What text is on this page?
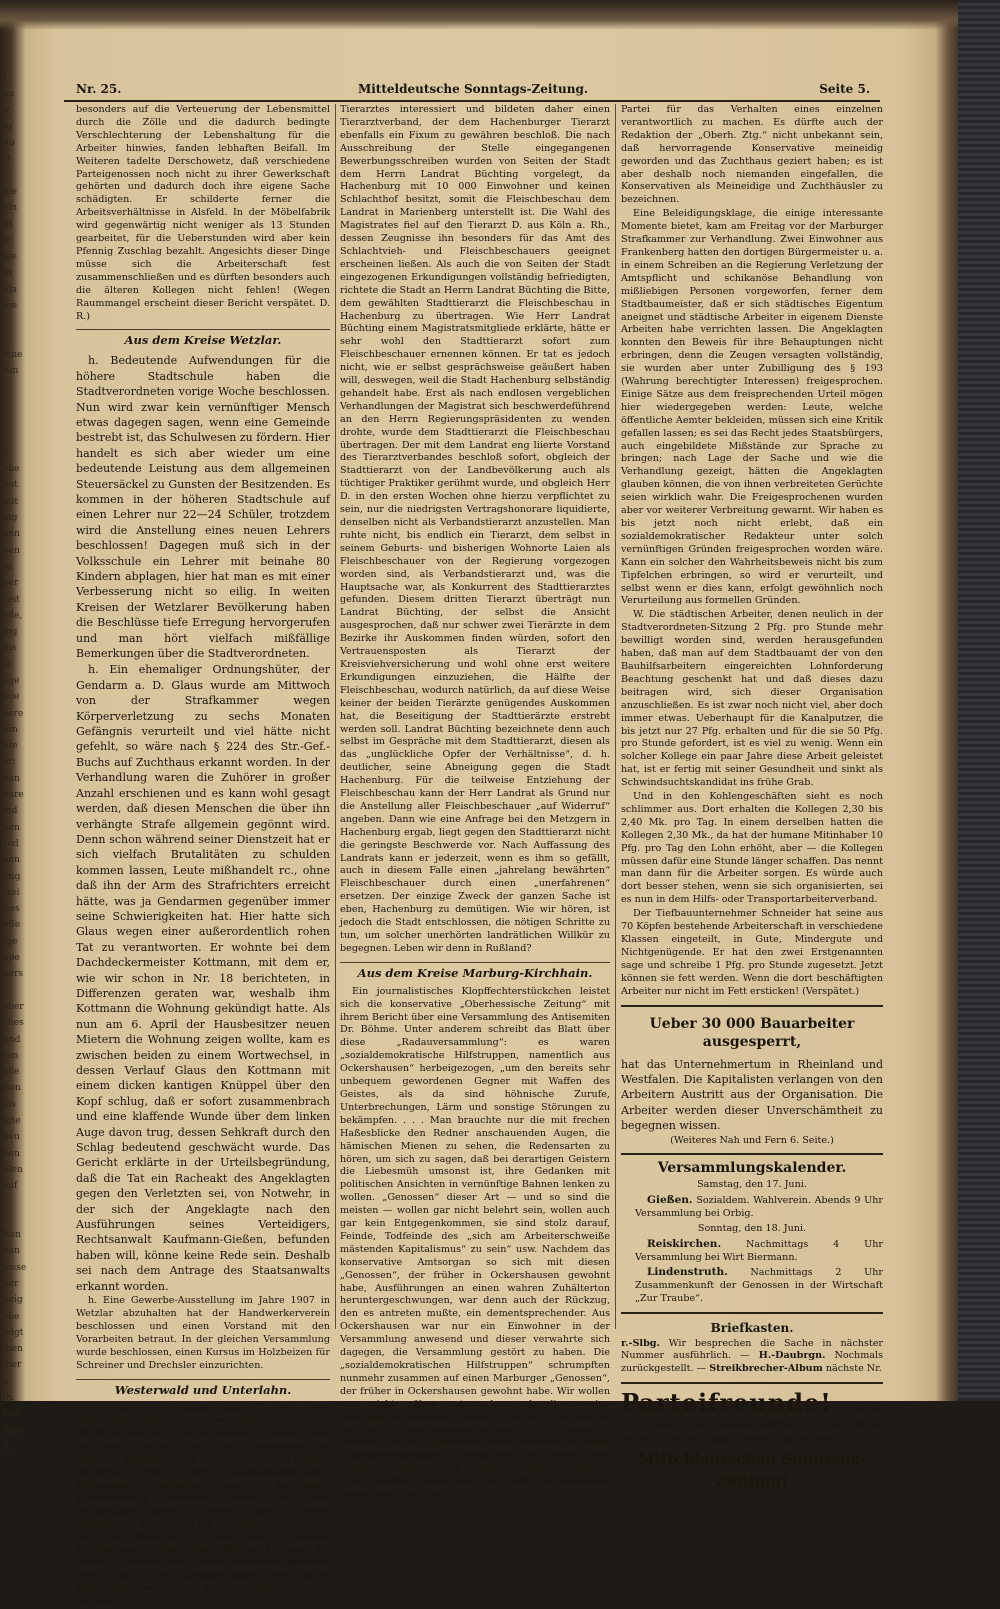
f.
en
ir
fg
ifo
rt

hie
ein
ift
ir:
ige
ift
ida
ige

l.
eine
Ein

ä:
ehe
bat
mit
ing
ann
ben
ig.
per
ceit
ede,
ing
dis
je
age
leie
eere
ten
lite
er:
ben
bare
ind
ben
sed
ann
ung
tzei
Bes
offe
fge
ppe
ners

eber
ches
und
ren
alle
Bon
als
igte
gen
ben
ulen
auf

ften
den
nisse
ber
beig
ebe
jeigt
iben
gier
a
ih.
lunt
hdie
b,
Nr. 25.	Mitteldeutsche Sonntags-Zeitung.	Seite 5.

besonders auf die Verteuerung der Lebensmittel durch die Zölle und die dadurch bedingte Verschlechterung der Lebenshaltung für die Arbeiter hinwies, fanden lebhaften Beifall. Im Weiteren tadelte Derschowetz, daß verschiedene Parteigenossen noch nicht zu ihrer Gewerkschaft gehörten und dadurch doch ihre eigene Sache schädigten. Er schilderte ferner die Arbeitsverhältnisse in Alsfeld. In der Möbelfabrik wird gegenwärtig nicht weniger als 13 Stunden gearbeitet, für die Ueberstunden wird aber kein Pfennig Zuschlag bezahlt. Angesichts dieser Dinge müsse sich die Arbeiterschaft fest zusammenschließen und es dürften besonders auch die älteren Kollegen nicht fehlen! (Wegen Raummangel erscheint dieser Bericht verspätet. D. R.)

Aus dem Kreise Wetzlar.

h. Bedeutende Aufwendungen für die höhere Stadtschule haben die Stadtverordneten vorige Woche beschlossen. Nun wird zwar kein vernünftiger Mensch etwas dagegen sagen, wenn eine Gemeinde bestrebt ist, das Schulwesen zu fördern. Hier handelt es sich aber wieder um eine bedeutende Leistung aus dem allgemeinen Steuersäckel zu Gunsten der Besitzenden. Es kommen in der höheren Stadtschule auf einen Lehrer nur 22—24 Schüler, trotzdem wird die Anstellung eines neuen Lehrers beschlossen! Dagegen muß sich in der Volksschule ein Lehrer mit beinahe 80 Kindern abplagen, hier hat man es mit einer Verbesserung nicht so eilig. In weiten Kreisen der Wetzlarer Bevölkerung haben die Beschlüsse tiefe Erregung hervorgerufen und man hört vielfach mißfällige Bemerkungen über die Stadtverordneten.

h. Ein ehemaliger Ordnungshüter, der Gendarm a. D. Glaus wurde am Mittwoch von der Strafkammer wegen Körperverletzung zu sechs Monaten Gefängnis verurteilt und viel hätte nicht gefehlt, so wäre nach § 224 des Str.-Gef.-Buchs auf Zuchthaus erkannt worden. In der Verhandlung waren die Zuhörer in großer Anzahl erschienen und es kann wohl gesagt werden, daß diesen Menschen die über ihn verhängte Strafe allgemein gegönnt wird. Denn schon während seiner Dienstzeit hat er sich vielfach Brutalitäten zu schulden kommen lassen, Leute mißhandelt rc., ohne daß ihn der Arm des Strafrichters erreicht hätte, was ja Gendarmen gegenüber immer seine Schwierigkeiten hat. Hier hatte sich Glaus wegen einer außerordentlich rohen Tat zu verantworten. Er wohnte bei dem Dachdeckermeister Kottmann, mit dem er, wie wir schon in Nr. 18 berichteten, in Differenzen geraten war, weshalb ihm Kottmann die Wohnung gekündigt hatte. Als nun am 6. April der Hausbesitzer neuen Mietern die Wohnung zeigen wollte, kam es zwischen beiden zu einem Wortwechsel, in dessen Verlauf Glaus den Kottmann mit einem dicken kantigen Knüppel über den Kopf schlug, daß er sofort zusammenbrach und eine klaffende Wunde über dem linken Auge davon trug, dessen Sehkraft durch den Schlag bedeutend geschwächt wurde. Das Gericht erklärte in der Urteilsbegründung, daß die Tat ein Racheakt des Angeklagten gegen den Verletzten sei, von Notwehr, in der sich der Angeklagte nach den Ausführungen seines Verteidigers, Rechtsanwalt Kaufmann-Gießen, befunden haben will, könne keine Rede sein. Deshalb sei nach dem Antrage des Staatsanwalts erkannt worden.

h. Eine Gewerbe-Ausstellung im Jahre 1907 in Wetzlar abzuhalten hat der Handwerkerverein beschlossen und einen Vorstand mit den Vorarbeiten betraut. In der gleichen Versammlung wurde beschlossen, einen Kursus im Holzbeizen für Schreiner und Drechsler einzurichten.

Westerwald und Unterlahn.

t. Landrat und Stadtgemeinde. Zu dem schon früher berichteten Zwiste zwischen dem Landrat Büchting und der Stadt Hachenburg erfahren wir noch des Näheren: Als nach der Pensionierung des früheren Kreistierarztes auf Wunsch des Landrats Büchting trotz der Gegenbestrebungen Hachenburgs, Marienberg zum Sitz des neuen Kreistierarztes bestimmt wurde, sah sich Hachenburg genötigt, selbst einen Tierarzt anzustellen, da ein Laie als Fleischbeschauer nicht nur von Nachteil für die Fleisch essende Bevölkerung, sondern auch für die Metzger, die Fleisch in bedeutender Menge ausführen, gewesen wäre. Auch die Landgemeinden des Amtes Hachenburg waren an der Niederlassung eines zweiten

Tierarztes interessiert und bildeten daher einen Tierarztverband, der dem Hachenburger Tierarzt ebenfalls ein Fixum zu gewähren beschloß. Die nach Ausschreibung der Stelle eingegangenen Bewerbungsschreiben wurden von Seiten der Stadt dem Herrn Landrat Büchting vorgelegt, da Hachenburg mit 10 000 Einwohner und keinen Schlachthof besitzt, somit die Fleischbeschau dem Landrat in Marienberg unterstellt ist. Die Wahl des Magistrates fiel auf den Tierarzt D. aus Köln a. Rh., dessen Zeugnisse ihn besonders für das Amt des Schlachtvieh- und Fleischbeschauers geeignet erscheinen ließen. Als auch die von Seiten der Stadt eingezogenen Erkundigungen vollständig befriedigten, richtete die Stadt an Herrn Landrat Büchting die Bitte, dem gewählten Stadttierarzt die Fleischbeschau in Hachenburg zu übertragen. Wie Herr Landrat Büchting einem Magistratsmitgliede erklärte, hätte er sehr wohl den Stadttierarzt sofort zum Fleischbeschauer ernennen können. Er tat es jedoch nicht, wie er selbst gesprächsweise geäußert haben will, deswegen, weil die Stadt Hachenburg selbständig gehandelt habe. Erst als nach endlosen vergeblichen Verhandlungen der Magistrat sich beschwerdeführend an den Herrn Regierungspräsidenten zu wenden drohte, wurde dem Stadttierarzt die Fleischbeschau übertragen. Der mit dem Landrat eng liierte Vorstand des Tierarztverbandes beschloß sofort, obgleich der Stadttierarzt von der Landbevölkerung auch als tüchtiger Praktiker gerühmt wurde, und obgleich Herr D. in den ersten Wochen ohne hierzu verpflichtet zu sein, nur die niedrigsten Vertragshonorare liquidierte, denselben nicht als Verbandstierarzt anzustellen. Man ruhte nicht, bis endlich ein Tierarzt, dem selbst in seinem Geburts- und bisherigen Wohnorte Laien als Fleischbeschauer von der Regierung vorgezogen worden sind, als Verbandstierarzt und, was die Hauptsache war, als Konkurrent des Stadttierarztes gefunden. Diesem dritten Tierarzt überträgt nun Landrat Büchting, der selbst die Ansicht ausgesprochen, daß nur schwer zwei Tierärzte in dem Bezirke ihr Auskommen finden würden, sofort den Vertrauensposten als Tierarzt der Kreisviehversicherung und wohl ohne erst weitere Erkundigungen einzuziehen, die Hälfte der Fleischbeschau, wodurch natürlich, da auf diese Weise keiner der beiden Tierärzte genügendes Auskommen hat, die Beseitigung der Stadttierärzte erstrebt werden soll. Landrat Büchting bezeichnete denn auch selbst im Gespräche mit dem Stadttierarzt, diesen als das „unglückliche Opfer der Verhältnisse“, d. h. deutlicher, seine Abneigung gegen die Stadt Hachenburg. Für die teilweise Entziehung der Fleischbeschau kann der Herr Landrat als Grund nur die Anstellung aller Fleischbeschauer „auf Widerruf“ angeben. Dann wie eine Anfrage bei den Metzgern in Hachenburg ergab, liegt gegen den Stadttierarzt nicht die geringste Beschwerde vor. Nach Auffassung des Landrats kann er jederzeit, wenn es ihm so gefällt, auch in diesem Falle einen „jahrelang bewährten“ Fleischbeschauer durch einen „unerfahrenen“ ersetzen. Der einzige Zweck der ganzen Sache ist eben, Hachenburg zu demütigen. Wie wir hören, ist jedoch die Stadt entschlossen, die nötigen Schritte zu tun, um solcher unerhörten landrätlichen Willkür zu begegnen. Leben wir denn in Rußland?

Aus dem Kreise Marburg-Kirchhain.

Ein journalistisches Klopffechterstückchen leistet sich die konservative „Oberhessische Zeitung“ mit ihrem Bericht über eine Versammlung des Antisemiten Dr. Böhme. Unter anderem schreibt das Blatt über diese „Radauversammlung“: es waren „sozialdemokratische Hilfstruppen, namentlich aus Ockershausen“ herbeigezogen, „um den bereits sehr unbequem gewordenen Gegner mit Waffen des Geistes, als da sind höhnische Zurufe, Unterbrechungen, Lärm und sonstige Störungen zu bekämpfen. . . . Man brauchte nur die mit frechen Haßesblicke den Redner anschauenden Augen, die hämischen Mienen zu sehen, die Redensarten zu hören, um sich zu sagen, daß bei derartigen Geistern die Liebesmüh umsonst ist, ihre Gedanken mit politischen Ansichten in vernünftige Bahnen lenken zu wollen. „Genossen“ dieser Art — und so sind die meisten — wollen gar nicht belehrt sein, wollen auch gar kein Entgegenkommen, sie sind stolz darauf, Feinde, Todfeinde des „sich am Arbeiterschweiße mästenden Kapitalismus“ zu sein“ usw. Nachdem das konservative Amtsorgan so sich mit diesen „Genossen“, der früher in Ockershausen gewohnt habe, Ausführungen an einen wahren Zuhälterton heruntergeschwungen, war denn auch der Rückzug, den es antreten mußte, ein dementsprechender. Aus Ockershausen war nur ein Einwohner in der Versammlung anwesend und dieser verwahrte sich dagegen, die Versammlung gestört zu haben. Die „sozialdemokratischen Hilfstruppen“ schrumpften nunmehr zusammen auf einen Marburger „Genossen“, der früher in Ockershausen gewohnt habe. Wir wollen nun nicht näher untersuchen, ob dieser eine Versammlungsbesucher wirklich ein Parteigenosse ist und der Versammlungsleiter wirklich so gutmütig gewesen ist, die Störungen eines einzelnen zu einer „Radauversammlung“ auswachsen zu lassen, wir müssen es aber als eine unehrliche, dem antiquierten Tone allerdings vollständig angepaßte Kampfesweise bezeichnen, eine ganze

Partei für das Verhalten eines einzelnen verantwortlich zu machen. Es dürfte auch der Redaktion der „Oberh. Ztg.“ nicht unbekannt sein, daß hervorragende Konservative meineidig geworden und das Zuchthaus geziert haben; es ist aber deshalb noch niemanden eingefallen, die Konservativen als Meineidige und Zuchthäusler zu bezeichnen.

Eine Beleidigungsklage, die einige interessante Momente bietet, kam am Freitag vor der Marburger Strafkammer zur Verhandlung. Zwei Einwohner aus Frankenberg hatten den dortigen Bürgermeister u. a. in einem Schreiben an die Regierung Verletzung der Amtspflicht und schikanöse Behandlung von mißliebigen Personen vorgeworfen, ferner dem Stadtbaumeister, daß er sich städtisches Eigentum aneignet und städtische Arbeiter in eigenem Dienste Arbeiten habe verrichten lassen. Die Angeklagten konnten den Beweis für ihre Behauptungen nicht erbringen, denn die Zeugen versagten vollständig, sie wurden aber unter Zubilligung des § 193 (Wahrung berechtigter Interessen) freigesprochen. Einige Sätze aus dem freisprechenden Urteil mögen hier wiedergegeben werden: Leute, welche öffentliche Aemter bekleiden, müssen sich eine Kritik gefallen lassen; es sei das Recht jedes Staatsbürgers, auch eingebildete Mißstände zur Sprache zu bringen; nach Lage der Sache und wie die Verhandlung gezeigt, hätten die Angeklagten glauben können, die von ihnen verbreiteten Gerüchte seien wirklich wahr. Die Freigesprochenen wurden aber vor weiterer Verbreitung gewarnt. Wir haben es bis jetzt noch nicht erlebt, daß ein sozialdemokratischer Redakteur unter solch vernünftigen Gründen freigesprochen worden wäre. Kann ein solcher den Wahrheitsbeweis nicht bis zum Tipfelchen erbringen, so wird er verurteilt, und selbst wenn er dies kann, erfolgt gewöhnlich noch Verurteilung aus formellen Gründen.

W. Die städtischen Arbeiter, denen neulich in der Stadtverordneten-Sitzung 2 Pfg. pro Stunde mehr bewilligt worden sind, werden herausgefunden haben, daß man auf dem Stadtbauamt der von den Bauhilfsarbeitern eingereichten Lohnforderung Beachtung geschenkt hat und daß dieses dazu beitragen wird, sich dieser Organisation anzuschließen. Es ist zwar noch nicht viel, aber doch immer etwas. Ueberhaupt für die Kanalputzer, die bis jetzt nur 27 Pfg. erhalten und für die sie 50 Pfg. pro Stunde gefordert, ist es viel zu wenig. Wenn ein solcher Kollege ein paar Jahre diese Arbeit geleistet hat, ist er fertig mit seiner Gesundheit und sinkt als Schwindsuchtskandidat ins frühe Grab.

Und in den Kohlengeschäften sieht es noch schlimmer aus. Dort erhalten die Kollegen 2,30 bis 2,40 Mk. pro Tag. In einem derselben hatten die Kollegen 2,30 Mk., da hat der humane Mitinhaber 10 Pfg. pro Tag den Lohn erhöht, aber — die Kollegen müssen dafür eine Stunde länger schaffen. Das nennt man dann für die Arbeiter sorgen. Es würde auch dort besser stehen, wenn sie sich organisierten, sei es nun in dem Hilfs- oder Transportarbeiterverband.

Der Tiefbauunternehmer Schneider hat seine aus 70 Köpfen bestehende Arbeiterschaft in verschiedene Klassen eingeteilt, in Gute, Mindergute und Nichtgenügende. Er hat den zwei Erstgenannten sage und schreibe 1 Pfg. pro Stunde zugesetzt. Jetzt können sie fett werden. Wenn die dort beschäftigten Arbeiter nur nicht im Fett ersticken! (Verspätet.)

Ueber 30 000 Bauarbeiter ausgesperrt,

hat das Unternehmertum in Rheinland und Westfalen. Die Kapitalisten verlangen von den Arbeitern Austritt aus der Organisation. Die Arbeiter werden dieser Unverschämtheit zu begegnen wissen.

(Weiteres Nah und Fern 6. Seite.)
Versammlungskalender.
Samstag, den 17. Juni.

Gießen. Sozialdem. Wahlverein. Abends 9 Uhr Versammlung bei Orbig.

Sonntag, den 18. Juni.

Reiskirchen.	Nachmittags 4 Uhr Versammlung bei Wirt Biermann.

Lindenstruth. Nachmittags 2 Uhr Zusammenkunft der Genossen in der Wirtschaft „Zur Traube“.

Briefkasten.

r.-Slbg. Wir besprechen die Sache in nächster Nummer ausführlich. — H.-Daubrgn. Nochmals zurückgestellt. — Streikbrecher-Album nächste Nr.

Parteifreunde! Bemüht Euch stets nach besten Kräften für die immer weitere Verbreitung Eueres Blattes, der

Mitteldeutschen Sonntags-Zeitung!
